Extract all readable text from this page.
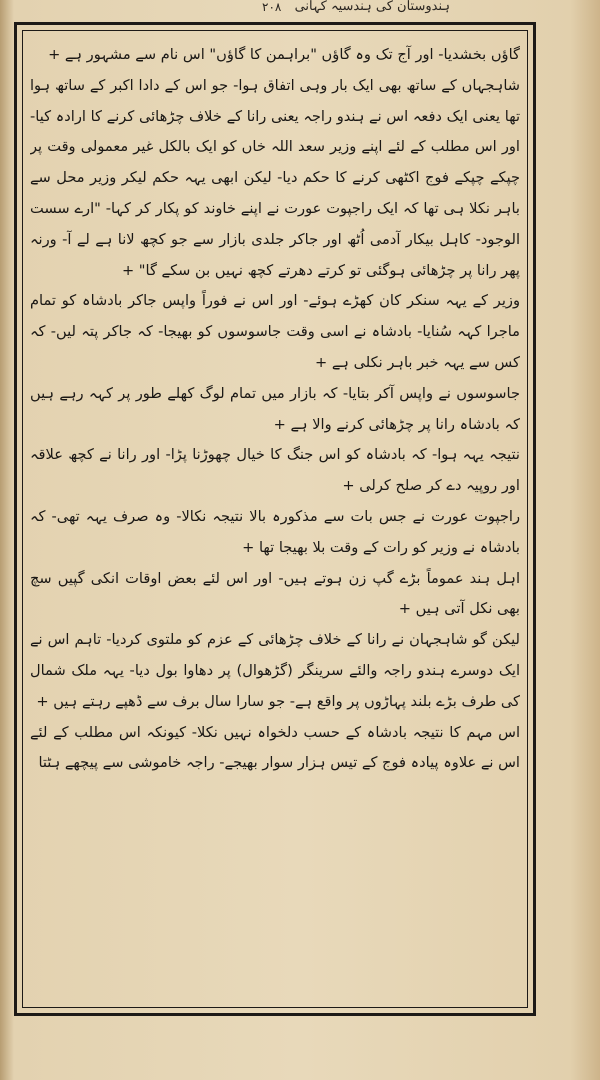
ہندوستان کی ہندسیہ کہانی
۲۰۸

گاؤں بخشدیا- اور آج تک وہ گاؤں "براہمن کا گاؤں" اس نام سے مشہور ہے +

شاہجہاں کے ساتھ بھی ایک بار وہی اتفاق ہوا- جو اس کے دادا اکبر کے ساتھ ہوا تھا یعنی ایک دفعہ اس نے ہندو راجہ یعنی رانا کے خلاف چڑھائی کرنے کا ارادہ کیا- اور اس مطلب کے لئے اپنے وزیر سعد اللہ خاں کو ایک بالکل غیر معمولی وقت پر چپکے چپکے فوج اکٹھی کرنے کا حکم دیا- لیکن ابھی یہہ حکم لیکر وزیر محل سے باہر نکلا ہی تھا کہ ایک راجپوت عورت نے اپنے خاوند کو پکار کر کہا- "ارے سست الوجود- کاہل بیکار آدمی اُٹھ اور جاکر جلدی بازار سے جو کچھ لانا ہے لے آ- ورنہ پھر رانا پر چڑھائی ہوگئی تو کرتے دھرتے کچھ نہیں بن سکے گا" +

وزیر کے یہہ سنکر کان کھڑے ہوئے- اور اس نے فوراً واپس جاکر بادشاہ کو تمام ماجرا کہہ سُنایا- بادشاہ نے اسی وقت جاسوسوں کو بھیجا- کہ جاکر پتہ لیں- کہ کس سے یہہ خبر باہر نکلی ہے +

جاسوسوں نے واپس آکر بتایا- کہ بازار میں تمام لوگ کھلے طور پر کہہ رہے ہیں کہ بادشاہ رانا پر چڑھائی کرنے والا ہے +

نتیجہ یہہ ہوا- کہ بادشاہ کو اس جنگ کا خیال چھوڑنا پڑا- اور رانا نے کچھ علاقہ اور روپیہ دے کر صلح کرلی +

راجپوت عورت نے جس بات سے مذکورہ بالا نتیجہ نکالا- وہ صرف یہہ تھی- کہ بادشاہ نے وزیر کو رات کے وقت بلا بھیجا تھا +

اہل ہند عموماً بڑے گپ زن ہوتے ہیں- اور اس لئے بعض اوقات انکی گپیں سچ بھی نکل آتی ہیں +

لیکن گو شاہجہان نے رانا کے خلاف چڑھائی کے عزم کو ملتوی کردیا- تاہم اس نے ایک دوسرے ہندو راجہ والئے سرینگر (گڑھوال) پر دھاوا بول دیا- یہہ ملک شمال کی طرف بڑے بلند پہاڑوں پر واقع ہے- جو سارا سال برف سے ڈھپے رہتے ہیں +

اس مہم کا نتیجہ بادشاہ کے حسب دلخواہ نہیں نکلا- کیونکہ اس مطلب کے لئے اس نے علاوہ پیادہ فوج کے تیس ہزار سوار بھیجے- راجہ خاموشی سے پیچھے ہٹتا
